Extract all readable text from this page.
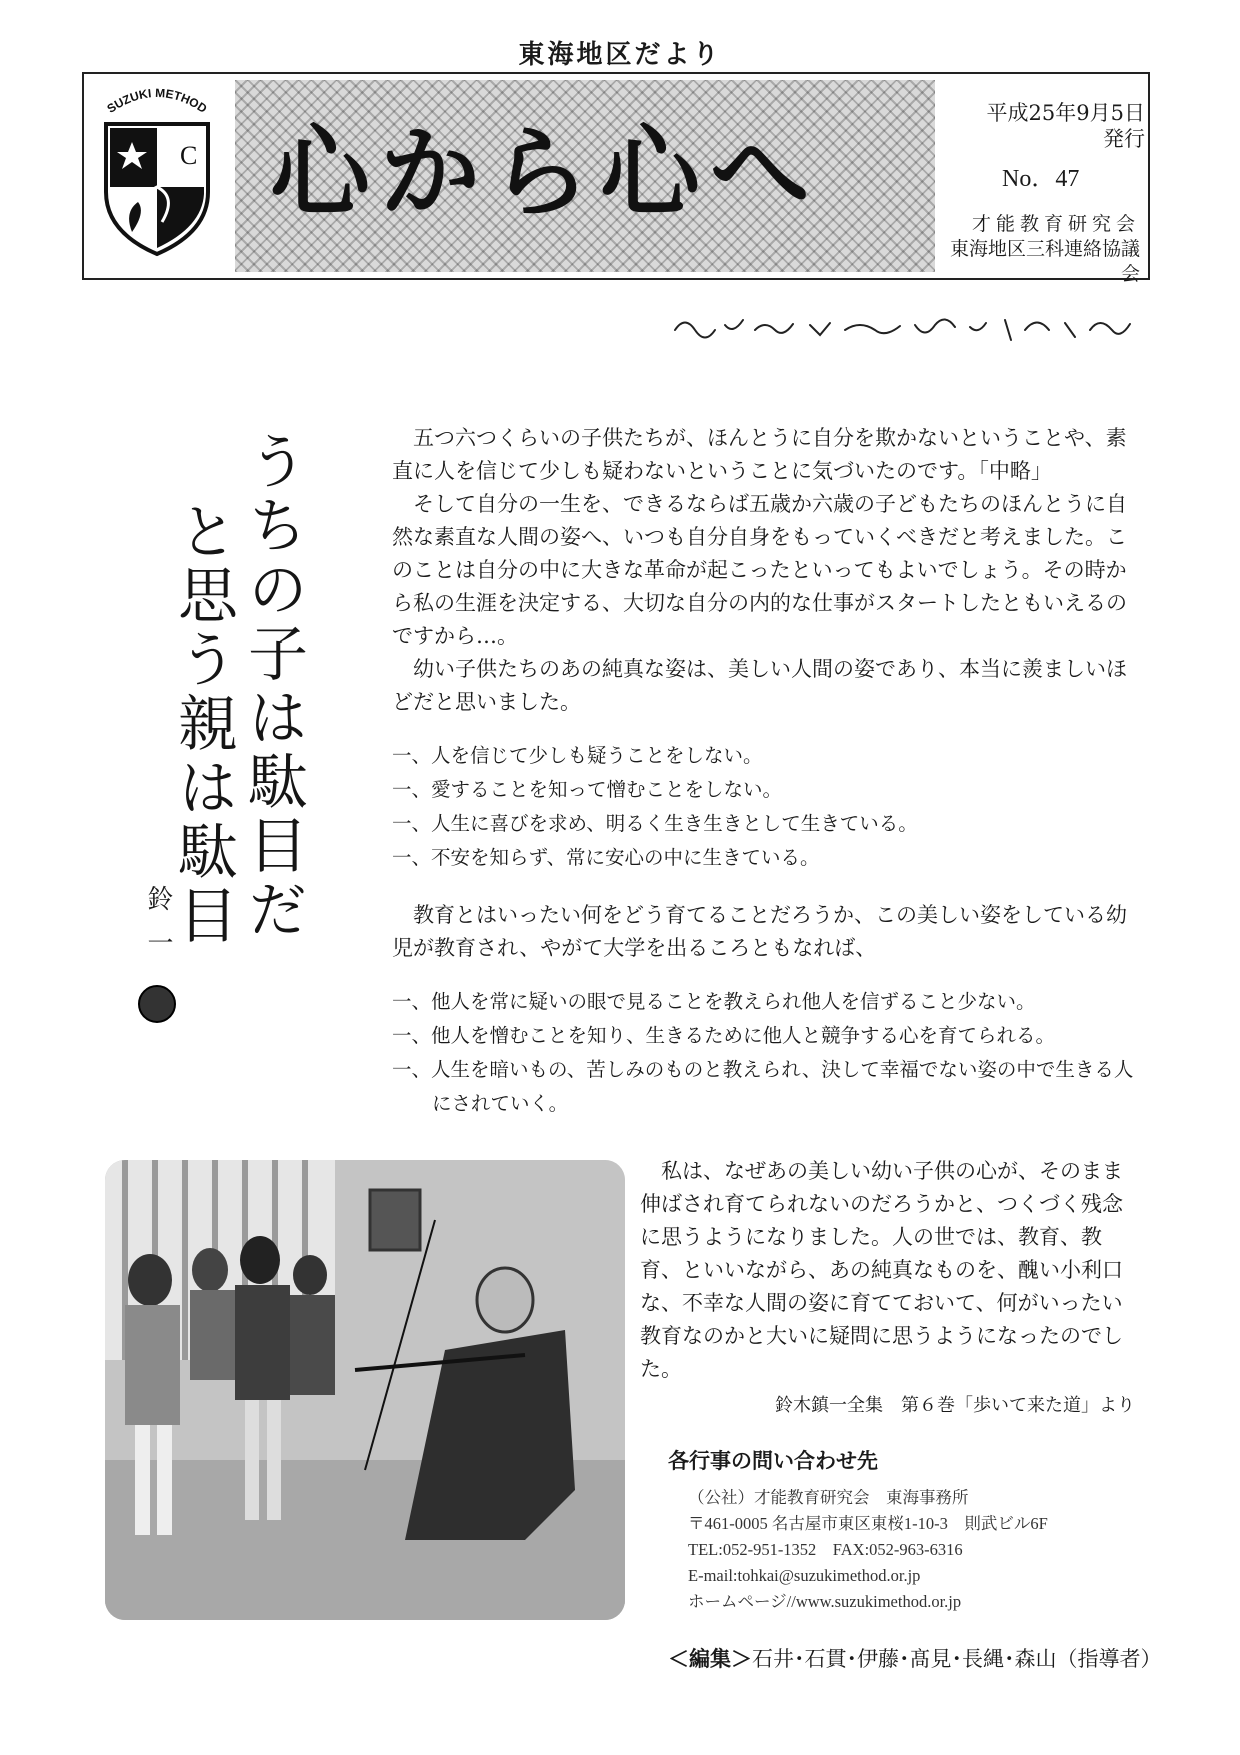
東海地区だより
心から心へ
SUZUKI METHOD
C
平成25年9月5日
発行
No．47
才能教育研究会
東海地区三科連絡協議会
うちの子は駄目だ
と思う親は駄目
鈴一

五つ六つくらいの子供たちが、ほんとうに自分を欺かないということや、素直に人を信じて少しも疑わないということに気づいたのです。「中略」

そして自分の一生を、できるならば五歳か六歳の子どもたちのほんとうに自然な素直な人間の姿へ、いつも自分自身をもっていくべきだと考えました。このことは自分の中に大きな革命が起こったといってもよいでしょう。その時から私の生涯を決定する、大切な自分の内的な仕事がスタートしたともいえるのですから…。

幼い子供たちのあの純真な姿は、美しい人間の姿であり、本当に羨ましいほどだと思いました。

一、人を信じて少しも疑うことをしない。
一、愛することを知って憎むことをしない。
一、人生に喜びを求め、明るく生き生きとして生きている。
一、不安を知らず、常に安心の中に生きている。

教育とはいったい何をどう育てることだろうか、この美しい姿をしている幼児が教育され、やがて大学を出るころともなれば、

一、他人を常に疑いの眼で見ることを教えられ他人を信ずること少ない。
一、他人を憎むことを知り、生きるために他人と競争する心を育てられる。
一、人生を暗いもの、苦しみのものと教えられ、決して幸福でない姿の中で生きる人にされていく。

私は、なぜあの美しい幼い子供の心が、そのまま伸ばされ育てられないのだろうかと、つくづく残念に思うようになりました。人の世では、教育、教育、といいながら、あの純真なものを、醜い小利口な、不幸な人間の姿に育てておいて、何がいったい教育なのかと大いに疑問に思うようになったのでした。

鈴木鎮一全集　第６巻「歩いて来た道」より
各行事の問い合わせ先
（公社）才能教育研究会　東海事務所
〒461-0005 名古屋市東区東桜1-10-3　則武ビル6F
TEL:052-951-1352　FAX:052-963-6316
E-mail:tohkai@suzukimethod.or.jp
ホームページ//www.suzukimethod.or.jp
＜編集＞石井･石貫･伊藤･髙見･長縄･森山（指導者）
